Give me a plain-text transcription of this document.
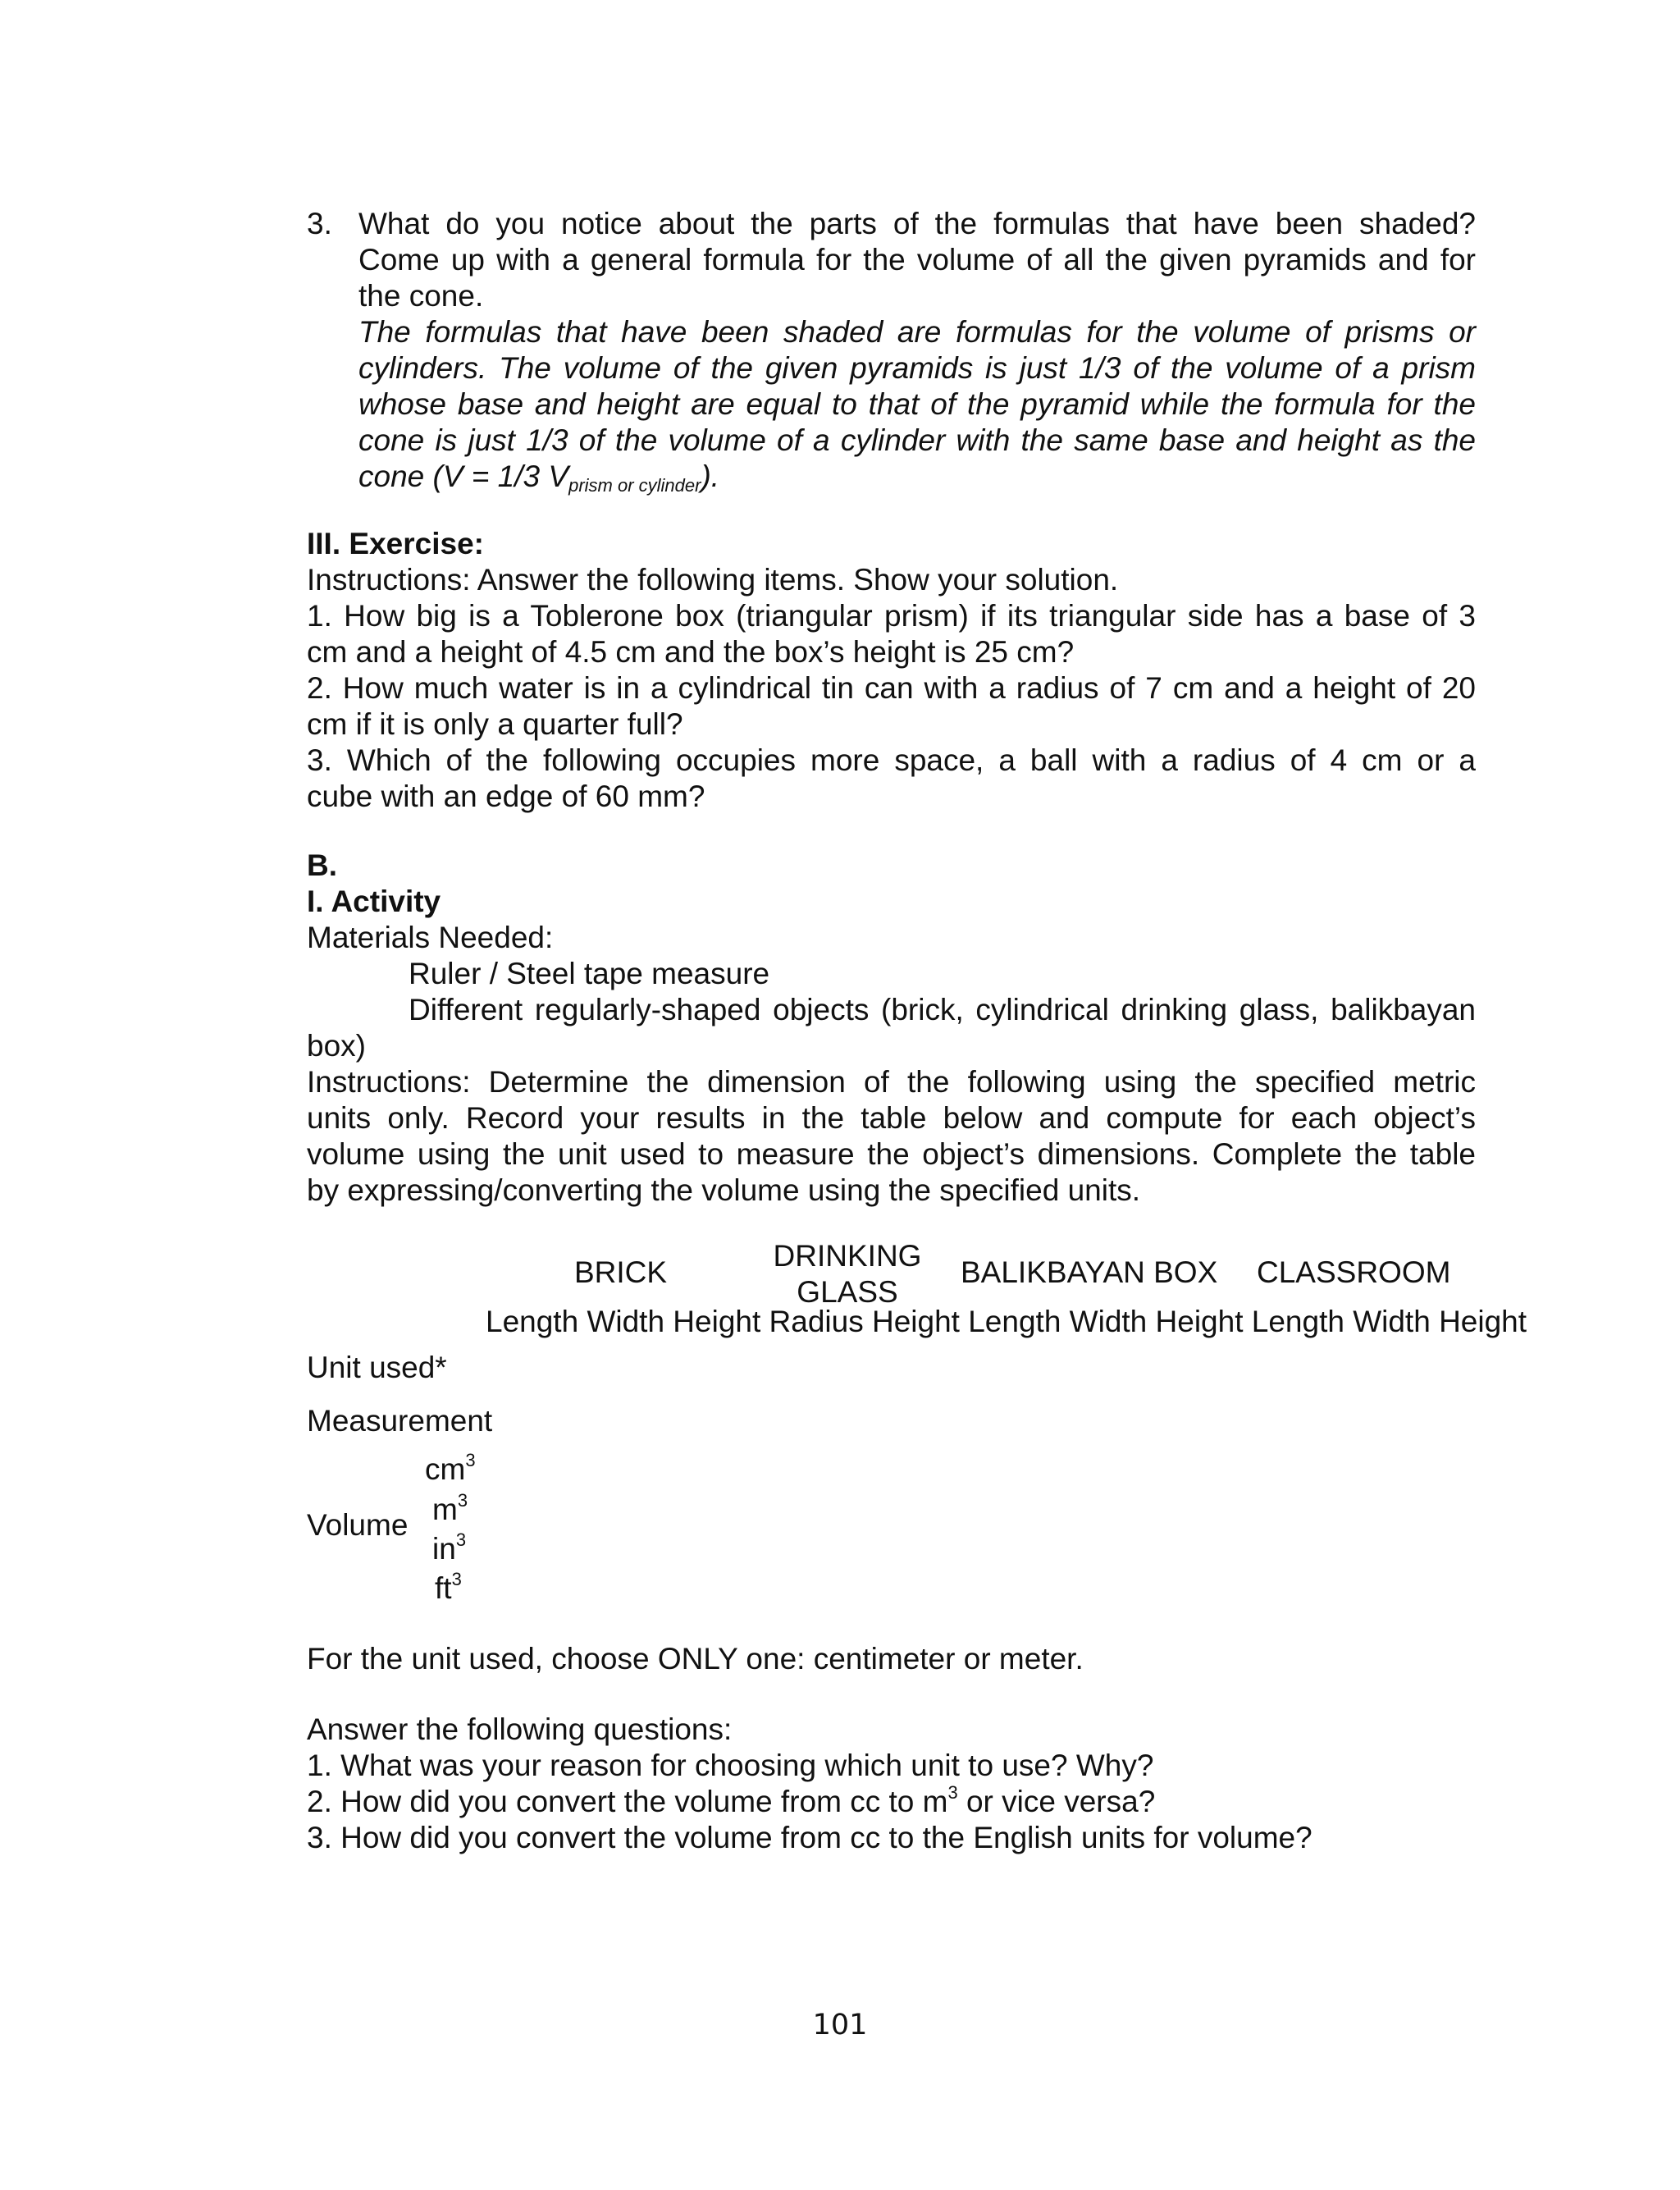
3. What do you notice about the parts of the formulas that have been shaded?
Come up with a general formula for the volume of all the given pyramids and for
the cone.
The formulas that have been shaded are formulas for the volume of prisms or
cylinders. The volume of the given pyramids is just 1/3 of the volume of a prism
whose base and height are equal to that of the pyramid while the formula for the
cone is just 1/3 of the volume of a cylinder with the same base and height as the
cone (V = 1/3 $V_{prism or cylinder}$).
III. Exercise:
Instructions: Answer the following items. Show your solution.
1. How big is a Toblerone box (triangular prism) if its triangular side has a base of 3
cm and a height of 4.5 cm and the box’s height is 25 cm?
2. How much water is in a cylindrical tin can with a radius of 7 cm and a height of 20
cm if it is only a quarter full?
3. Which of the following occupies more space, a ball with a radius of 4 cm or a
cube with an edge of 60 mm?
B.
I. Activity
Materials Needed:
Ruler / Steel tape measure
Different regularly-shaped objects (brick, cylindrical drinking glass, balikbayan
box)
Instructions: Determine the dimension of the following using the specified metric
units only. Record your results in the table below and compute for each object’s
volume using the unit used to measure the object’s dimensions. Complete the table
by expressing/converting the volume using the specified units.
BRICK	DRINKING
GLASS
BALIKBAYAN BOX CLASSROOM
Length Width Height Radius Height Length Width Height Length Width Height
Unit used*
Measurement
Volume
$cm^3$
$m^3$
$in^3$
$ft^3$
For the unit used, choose ONLY one: centimeter or meter.
Answer the following questions:
1. What was your reason for choosing which unit to use? Why?
2. How did you convert the volume from cc to $m^3$ or vice versa?
3. How did you convert the volume from cc to the English units for volume?
101
